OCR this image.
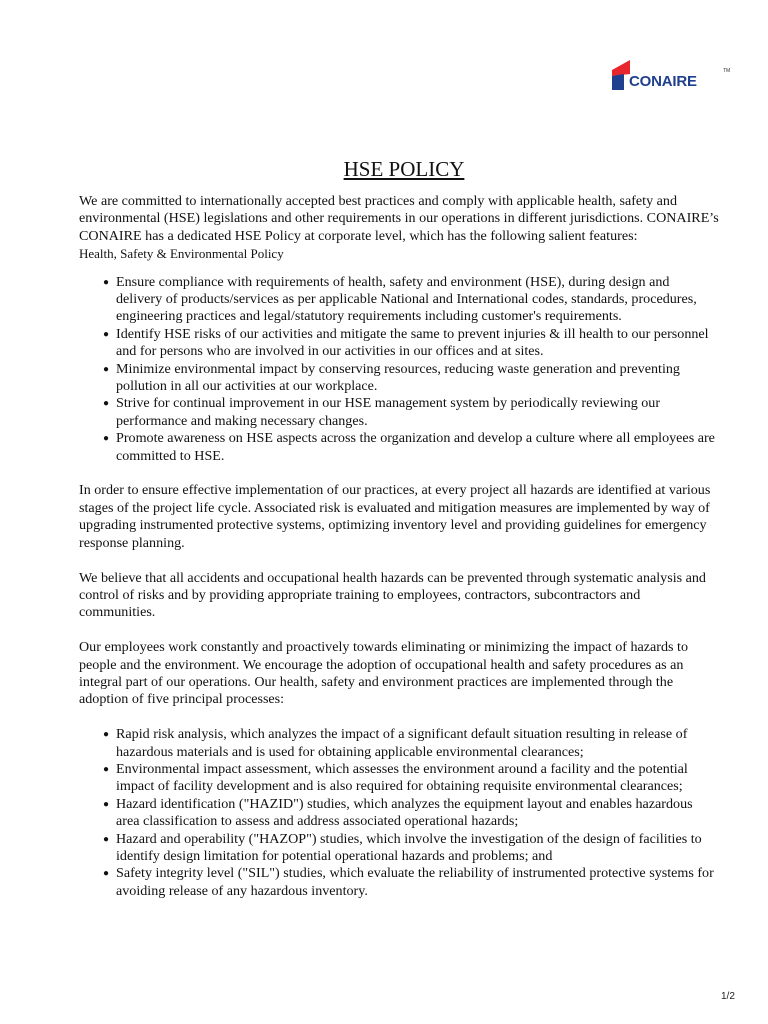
CONAIRE
TM
HSE POLICY

We are committed to internationally accepted best practices and comply with applicable health, safety and environmental (HSE) legislations and other requirements in our operations in different jurisdictions. CONAIRE’s CONAIRE has a dedicated HSE Policy at corporate level, which has the following salient features:

Health, Safety & Environmental Policy

● Ensure compliance with requirements of health, safety and environment (HSE), during design and delivery of products/services as per applicable National and International codes, standards, procedures, engineering practices and legal/statutory requirements including customer's requirements.
● Identify HSE risks of our activities and mitigate the same to prevent injuries & ill health to our personnel and for persons who are involved in our activities in our offices and at sites.
● Minimize environmental impact by conserving resources, reducing waste generation and preventing pollution in all our activities at our workplace.
● Strive for continual improvement in our HSE management system by periodically reviewing our performance and making necessary changes.
● Promote awareness on HSE aspects across the organization and develop a culture where all employees are committed to HSE.

In order to ensure effective implementation of our practices, at every project all hazards are identified at various stages of the project life cycle. Associated risk is evaluated and mitigation measures are implemented by way of upgrading instrumented protective systems, optimizing inventory level and providing guidelines for emergency response planning.

We believe that all accidents and occupational health hazards can be prevented through systematic analysis and control of risks and by providing appropriate training to employees, contractors, subcontractors and communities.

Our employees work constantly and proactively towards eliminating or minimizing the impact of hazards to people and the environment. We encourage the adoption of occupational health and safety procedures as an integral part of our operations. Our health, safety and environment practices are implemented through the adoption of five principal processes:

● Rapid risk analysis, which analyzes the impact of a significant default situation resulting in release of hazardous materials and is used for obtaining applicable environmental clearances;
● Environmental impact assessment, which assesses the environment around a facility and the potential impact of facility development and is also required for obtaining requisite environmental clearances;
● Hazard identification ("HAZID") studies, which analyzes the equipment layout and enables hazardous area classification to assess and address associated operational hazards;
● Hazard and operability ("HAZOP") studies, which involve the investigation of the design of facilities to identify design limitation for potential operational hazards and problems; and
● Safety integrity level ("SIL") studies, which evaluate the reliability of instrumented protective systems for avoiding release of any hazardous inventory.
1/2
